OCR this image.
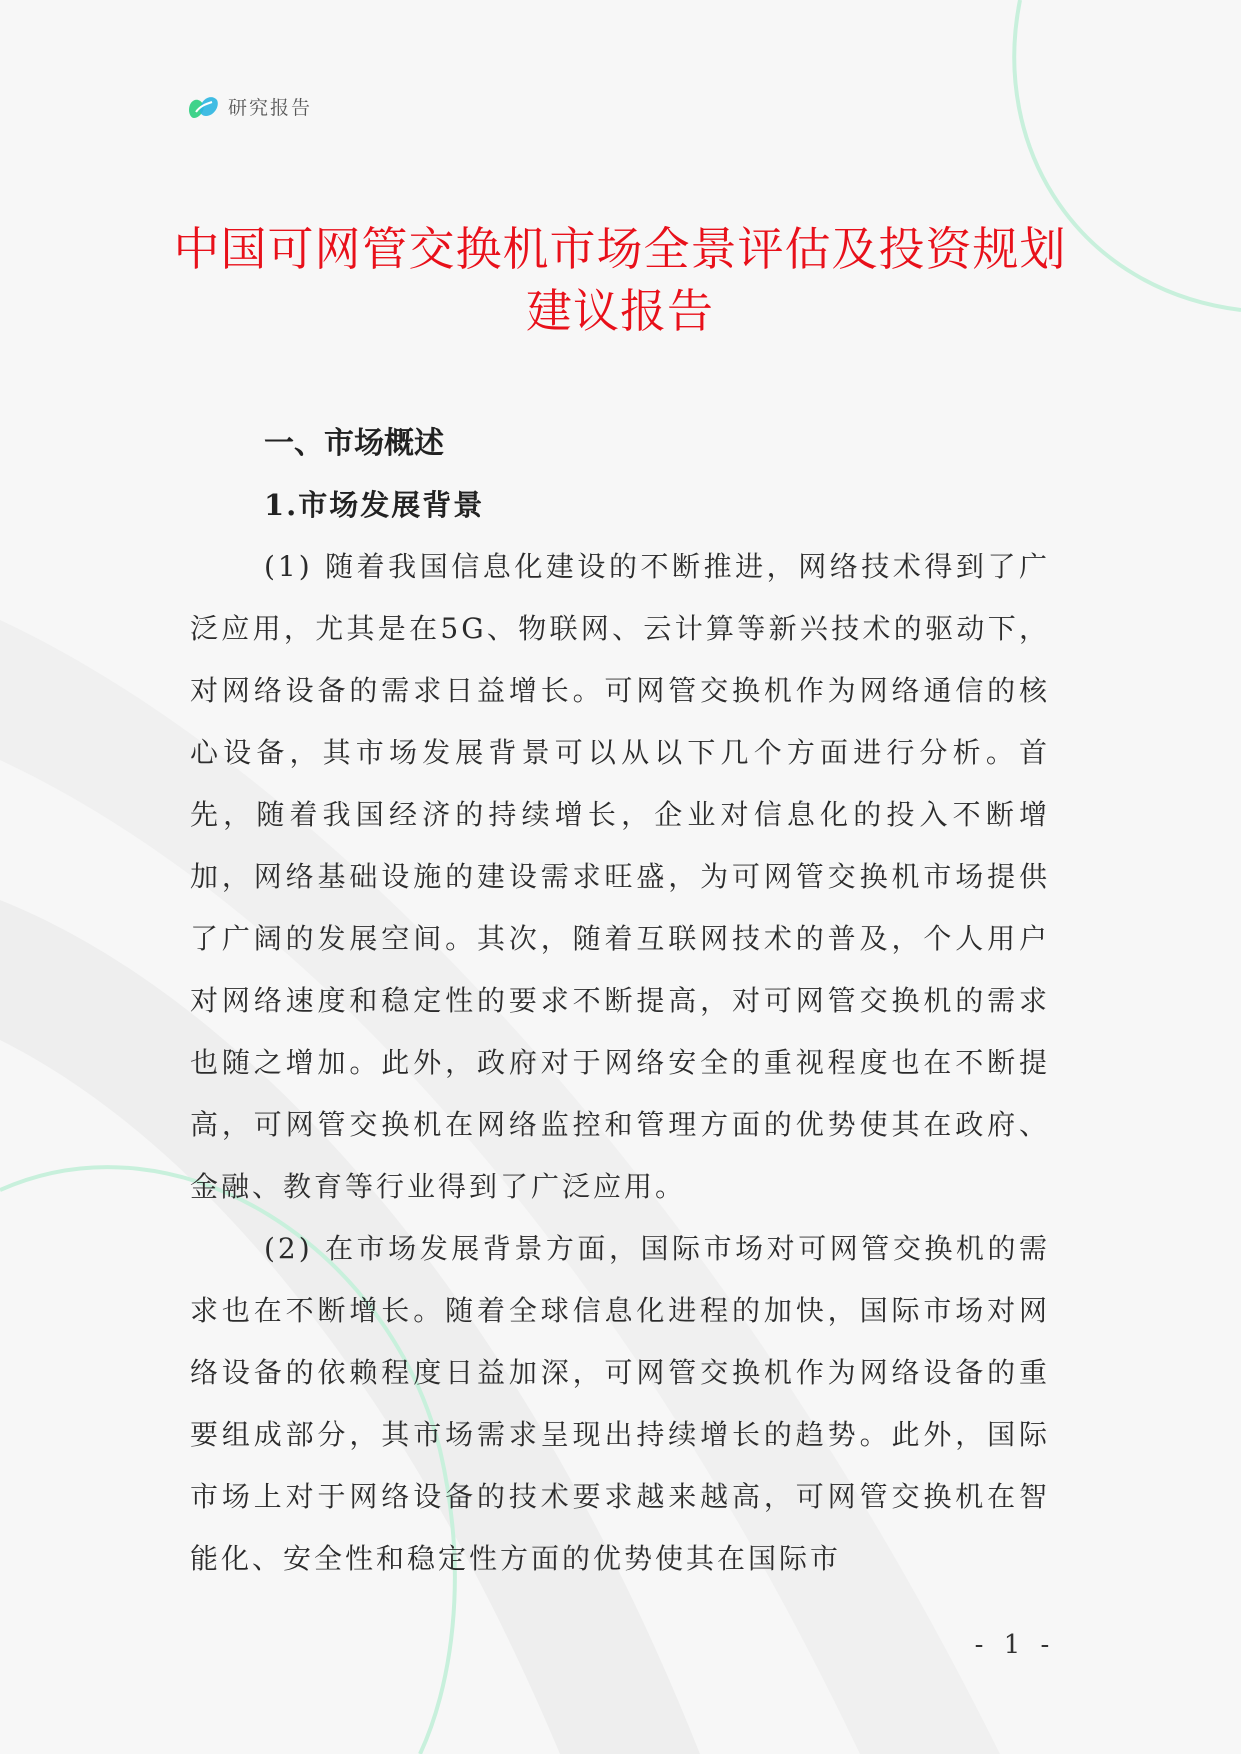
研究报告
中国可网管交换机市场全景评估及投资规划建议报告
一、市场概述
1.市场发展背景

(1) 随着我国信息化建设的不断推进，网络技术得到了广泛应用，尤其是在5G、物联网、云计算等新兴技术的驱动下，对网络设备的需求日益增长。可网管交换机作为网络通信的核心设备，其市场发展背景可以从以下几个方面进行分析。首先，随着我国经济的持续增长，企业对信息化的投入不断增加，网络基础设施的建设需求旺盛，为可网管交换机市场提供了广阔的发展空间。其次，随着互联网技术的普及，个人用户对网络速度和稳定性的要求不断提高，对可网管交换机的需求也随之增加。此外，政府对于网络安全的重视程度也在不断提高，可网管交换机在网络监控和管理方面的优势使其在政府、金融、教育等行业得到了广泛应用。

(2) 在市场发展背景方面，国际市场对可网管交换机的需求也在不断增长。随着全球信息化进程的加快，国际市场对网络设备的依赖程度日益加深，可网管交换机作为网络设备的重要组成部分，其市场需求呈现出持续增长的趋势。此外，国际市场上对于网络设备的技术要求越来越高，可网管交换机在智能化、安全性和稳定性方面的优势使其在国际市

- 1 -
